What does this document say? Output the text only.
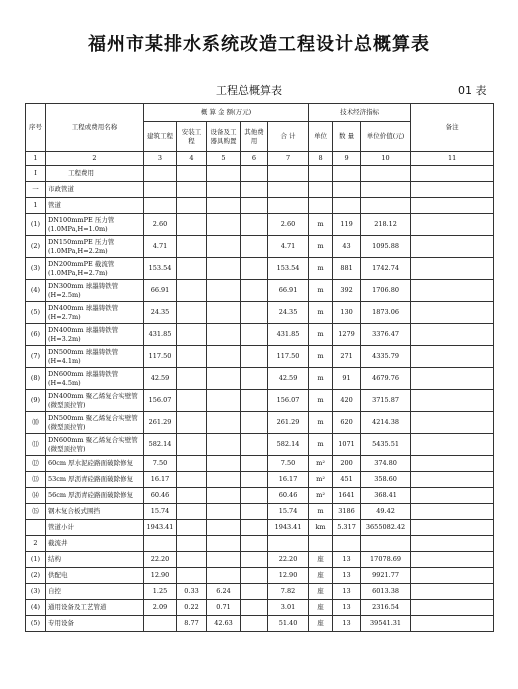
福州市某排水系统改造工程设计总概算表
工程总概算表	01 表
序号	工程或费用名称	概 算 金 额(万元)					技术经济指标			备注
		建筑工程	安装工程	设备及工器具购置	其他费用	合 计	单位	数 量	单位价值(元)	
1	2	3	4	5	6	7	8	9	10	11
Ⅰ	工程费用									
一	市政管道									
1	管道									
(1)	DN100mmPE 压力管(1.0MPa,H=1.0m)	2.60				2.60	m	119	218.12	
(2)	DN150mmPE 压力管(1.0MPa,H=2.2m)	4.71				4.71	m	43	1095.88	
(3)	DN200mmPE 截流管(1.0MPa,H=2.7m)	153.54				153.54	m	881	1742.74	
(4)	DN300mm 球墨铸铁管(H=2.5m)	66.91				66.91	m	392	1706.80	
(5)	DN400mm 球墨铸铁管(H=2.7m)	24.35				24.35	m	130	1873.06	
(6)	DN400mm 球墨铸铁管(H=3.2m)	431.85				431.85	m	1279	3376.47	
(7)	DN500mm 球墨铸铁管(H=4.1m)	117.50				117.50	m	271	4335.79	
(8)	DN600mm 球墨铸铁管(H=4.5m)	42.59				42.59	m	91	4679.76	
(9)	DN400mm 聚乙烯复合实壁管(微型顶拉管)	156.07				156.07	m	420	3715.87	
⑽	DN500mm 聚乙烯复合实壁管(微型顶拉管)	261.29				261.29	m	620	4214.38	
⑾	DN600mm 聚乙烯复合实壁管(微型顶拉管)	582.14				582.14	m	1071	5435.51	
⑿	60cm 厚水泥砼路面破除修复	7.50				7.50	m²	200	374.80	
⒀	53cm 厚沥青砼路面破除修复	16.17				16.17	m²	451	358.60	
⒁	56cm 厚沥青砼路面破除修复	60.46				60.46	m²	1641	368.41	
⒂	钢木复合板式围挡	15.74				15.74	m	3186	49.42	
	管道小计	1943.41				1943.41	km	5.317	3655082.42	
2	截流井									
(1)	结构	22.20				22.20	座	13	17078.69	
(2)	供配电	12.90				12.90	座	13	9921.77	
(3)	自控	1.25	0.33	6.24		7.82	座	13	6013.38	
(4)	通用设备及工艺管道	2.09	0.22	0.71		3.01	座	13	2316.54	
(5)	专用设备		8.77	42.63		51.40	座	13	39541.31	
